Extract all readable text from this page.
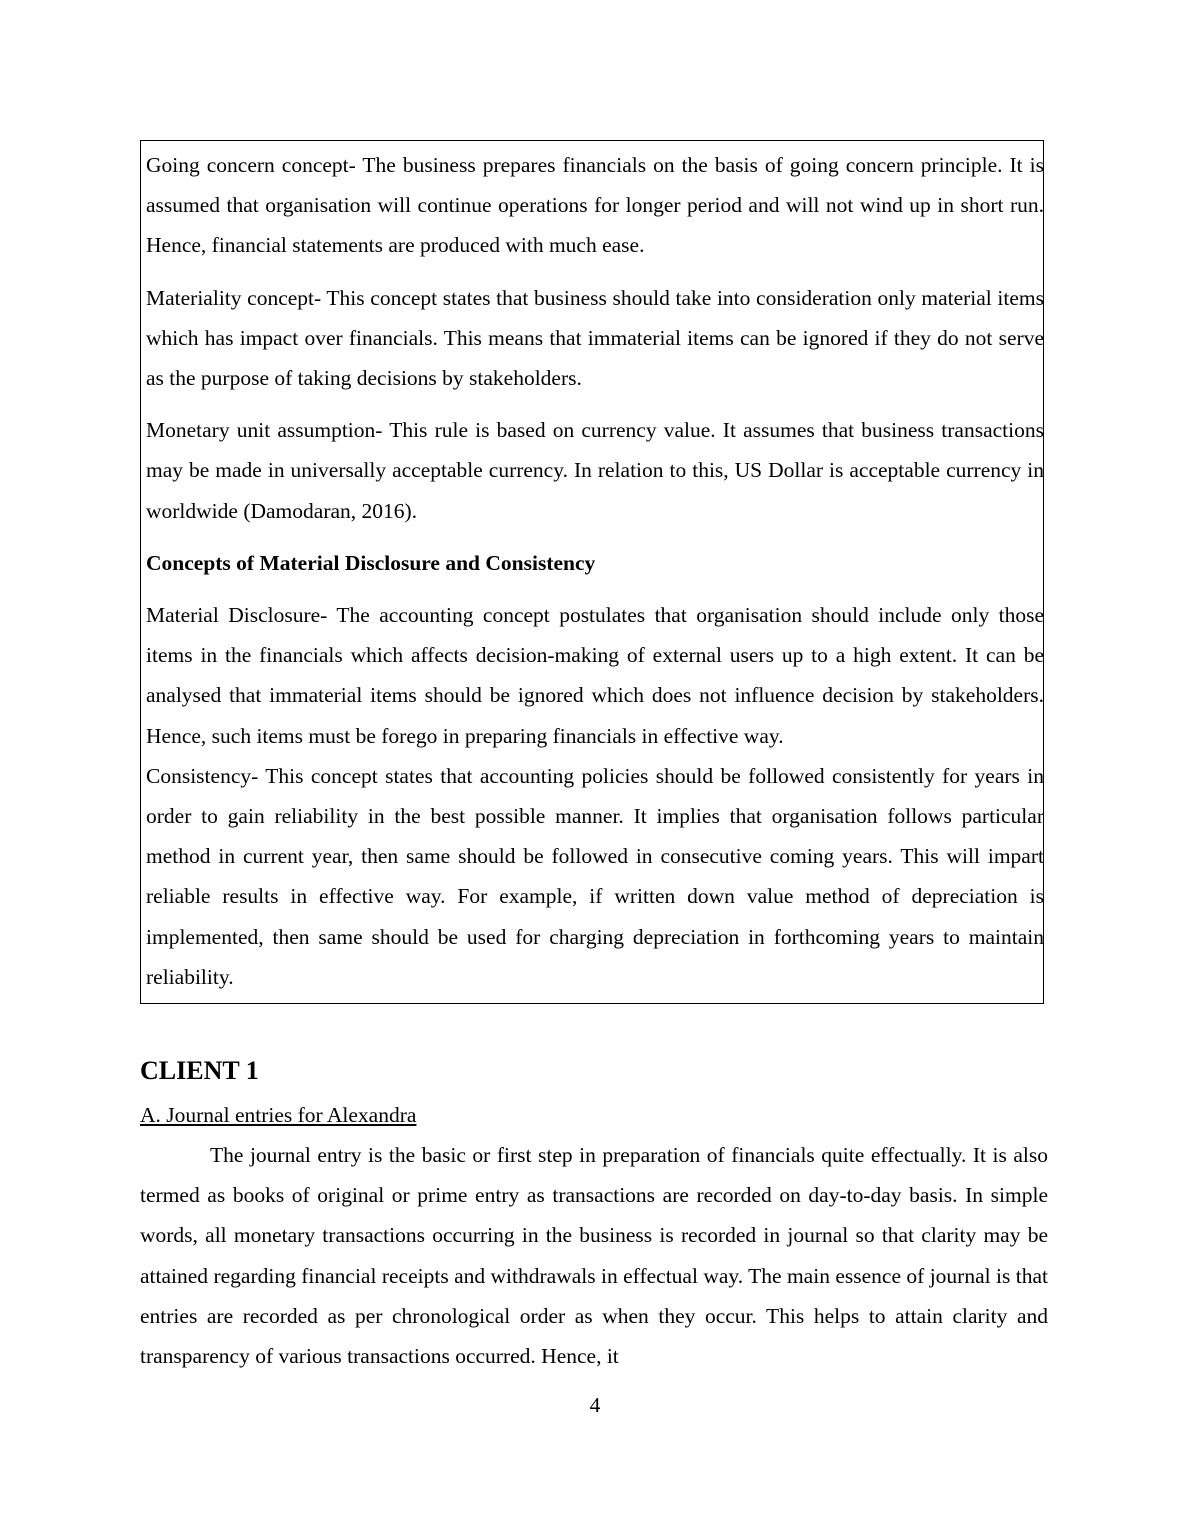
Going concern concept- The business prepares financials on the basis of going concern principle. It is assumed that organisation will continue operations for longer period and will not wind up in short run. Hence, financial statements are produced with much ease.

Materiality concept- This concept states that business should take into consideration only material items which has impact over financials. This means that immaterial items can be ignored if they do not serve as the purpose of taking decisions by stakeholders.

Monetary unit assumption- This rule is based on currency value. It assumes that business transactions may be made in universally acceptable currency. In relation to this, US Dollar is acceptable currency in worldwide (Damodaran, 2016).

Concepts of Material Disclosure and Consistency

Material Disclosure- The accounting concept postulates that organisation should include only those items in the financials which affects decision-making of external users up to a high extent. It can be analysed that immaterial items should be ignored which does not influence decision by stakeholders. Hence, such items must be forego in preparing financials in effective way.

Consistency- This concept states that accounting policies should be followed consistently for years in order to gain reliability in the best possible manner. It implies that organisation follows particular method in current year, then same should be followed in consecutive coming years. This will impart reliable results in effective way. For example, if written down value method of depreciation is implemented, then same should be used for charging depreciation in forthcoming years to maintain reliability.

CLIENT 1

A. Journal entries for Alexandra

The journal entry is the basic or first step in preparation of financials quite effectually. It is also termed as books of original or prime entry as transactions are recorded on day-to-day basis. In simple words, all monetary transactions occurring in the business is recorded in journal so that clarity may be attained regarding financial receipts and withdrawals in effectual way. The main essence of journal is that entries are recorded as per chronological order as when they occur. This helps to attain clarity and transparency of various transactions occurred. Hence, it

4
